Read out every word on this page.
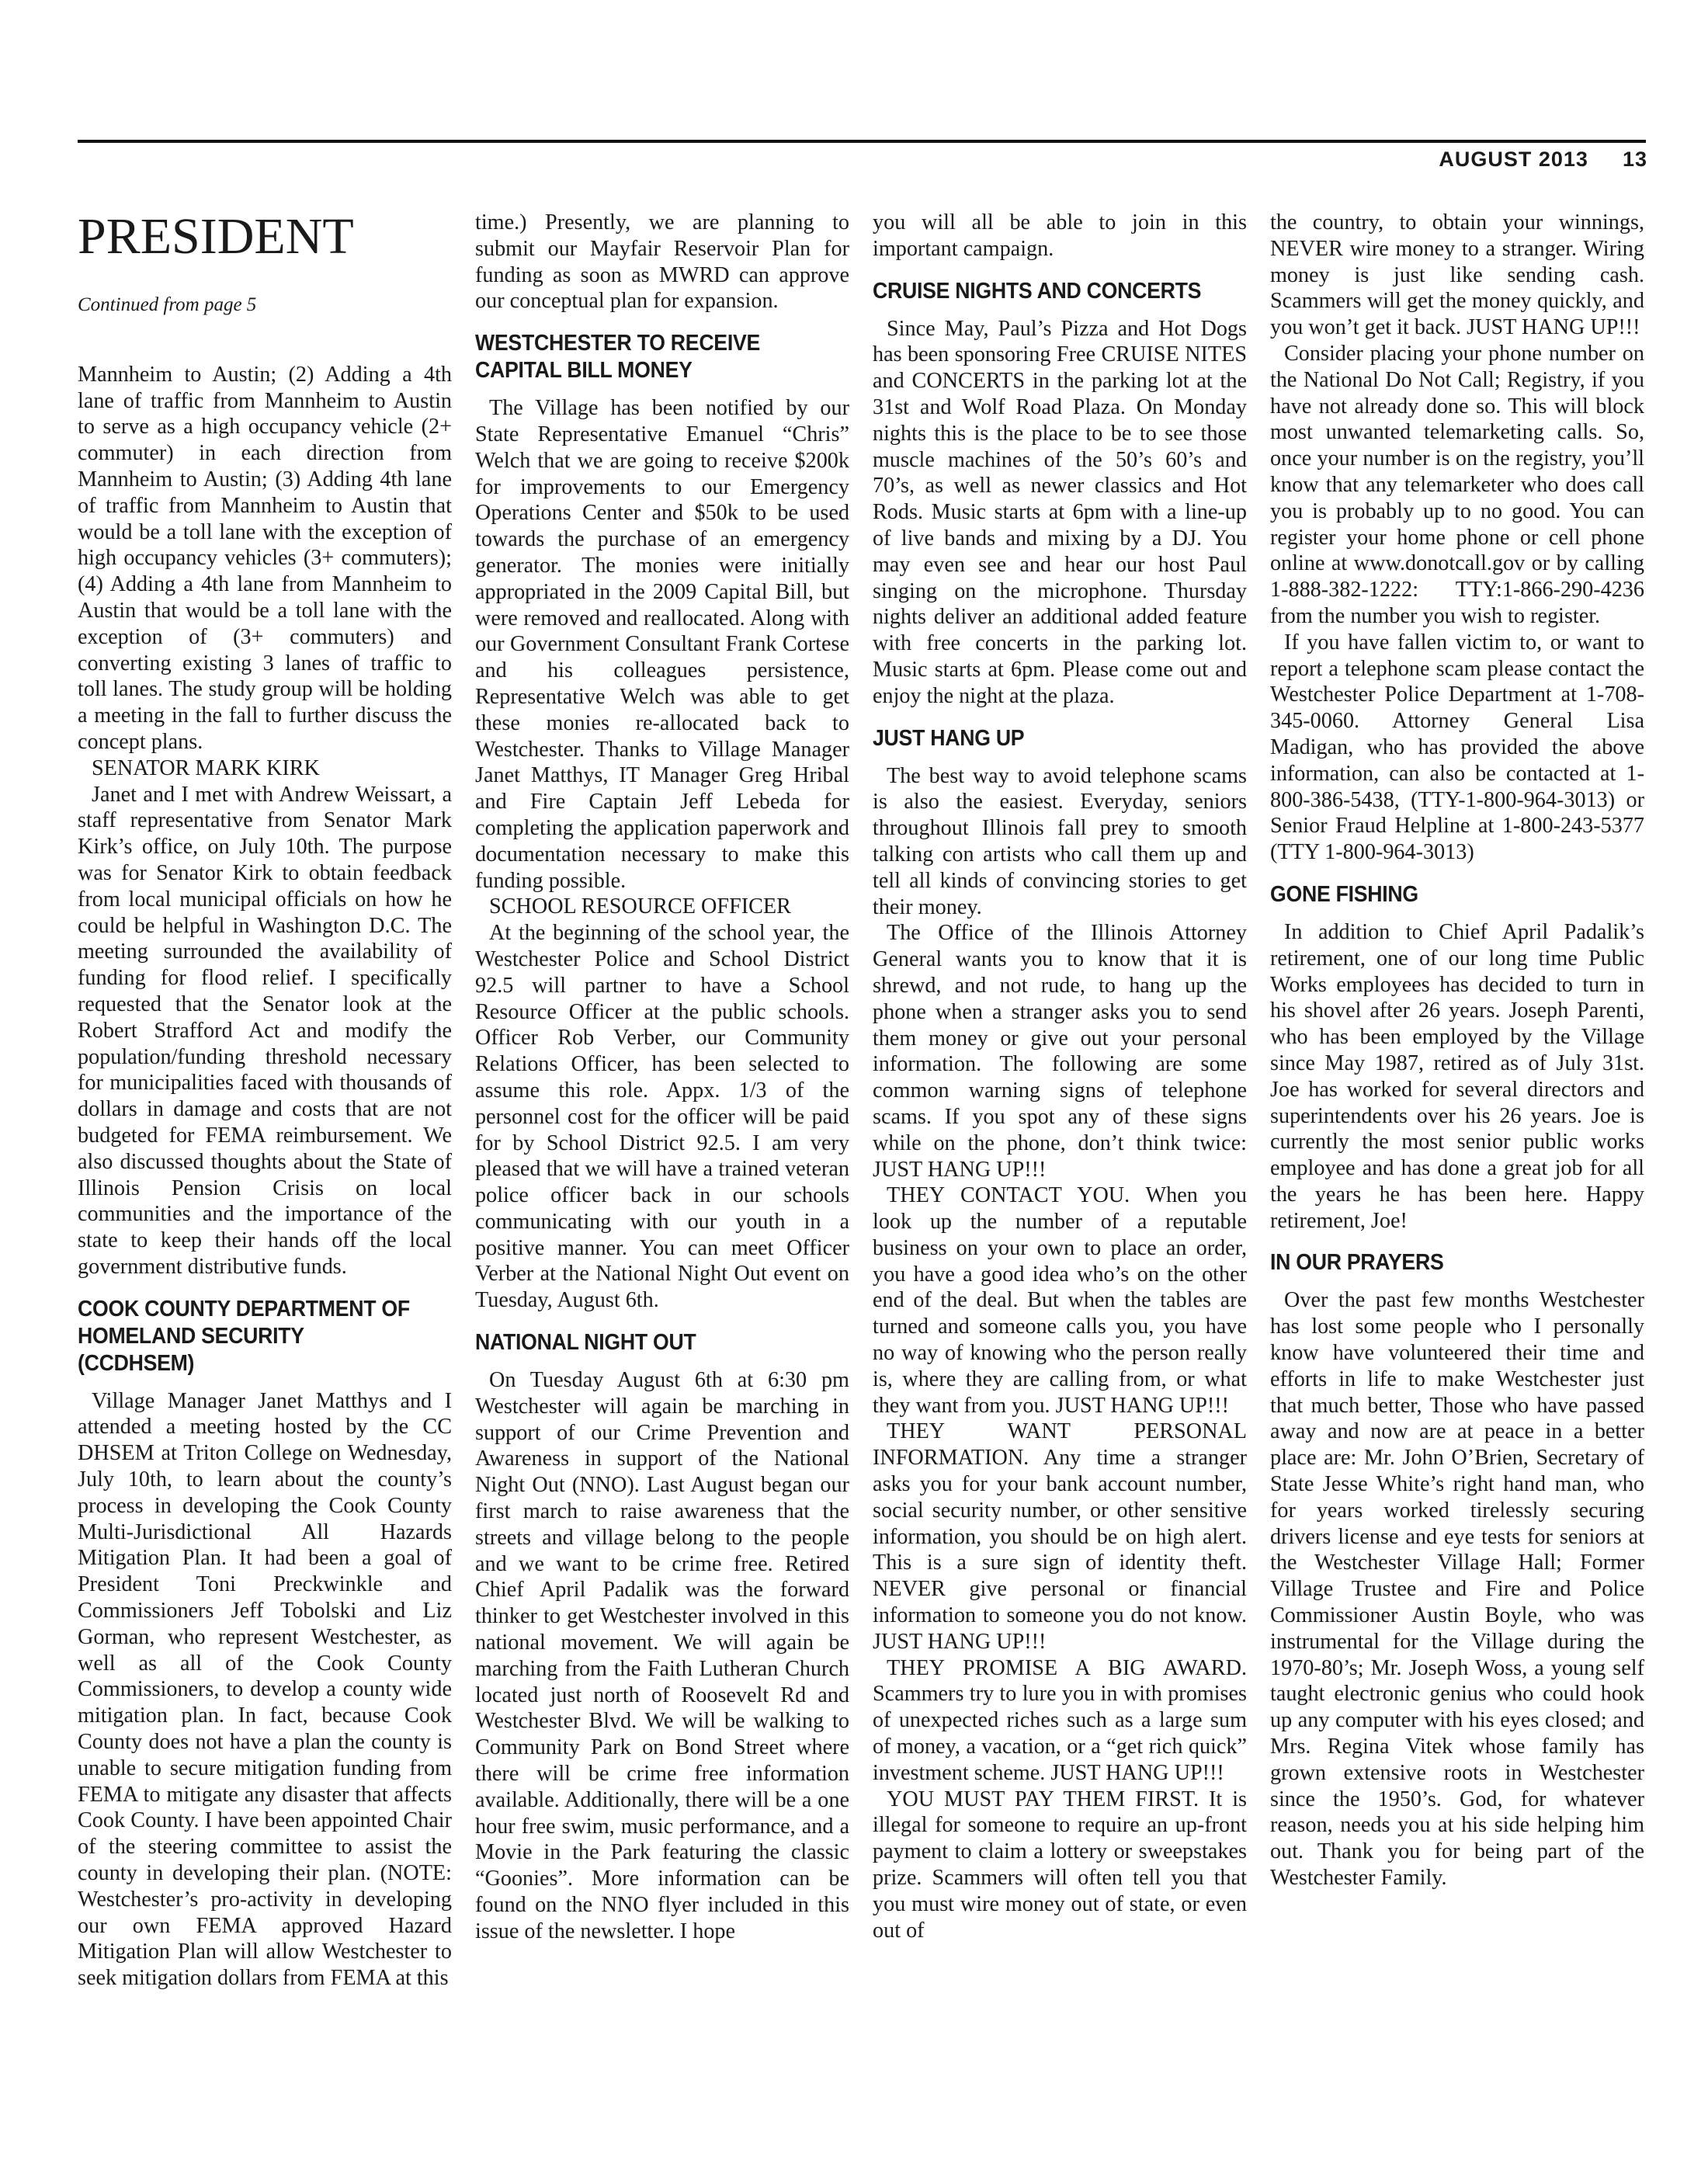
AUGUST 2013 13
PRESIDENT
Continued from page 5

Mannheim to Austin; (2) Adding a 4th lane of traffic from Mannheim to Austin to serve as a high occupancy vehicle (2+ commuter) in each direction from Mannheim to Austin; (3) Adding 4th lane of traffic from Mannheim to Austin that would be a toll lane with the exception of high occupancy vehicles (3+ commuters); (4) Adding a 4th lane from Mannheim to Austin that would be a toll lane with the exception of (3+ commuters) and converting existing 3 lanes of traffic to toll lanes. The study group will be holding a meeting in the fall to further discuss the concept plans.

SENATOR MARK KIRK

Janet and I met with Andrew Weissart, a staff representative from Senator Mark Kirk’s office, on July 10th. The purpose was for Senator Kirk to obtain feedback from local municipal officials on how he could be helpful in Washington D.C. The meeting surrounded the availability of funding for flood relief. I specifically requested that the Senator look at the Robert Strafford Act and modify the population/funding threshold necessary for municipalities faced with thousands of dollars in damage and costs that are not budgeted for FEMA reimbursement. We also discussed thoughts about the State of Illinois Pension Crisis on local communities and the importance of the state to keep their hands off the local government distributive funds.

COOK COUNTY DEPARTMENT OF HOMELAND SECURITY (CCDHSEM)

Village Manager Janet Matthys and I attended a meeting hosted by the CC DHSEM at Triton College on Wednesday, July 10th, to learn about the county’s process in developing the Cook County Multi-Jurisdictional All Hazards Mitigation Plan. It had been a goal of President Toni Preckwinkle and Commissioners Jeff Tobolski and Liz Gorman, who represent Westchester, as well as all of the Cook County Commissioners, to develop a county wide mitigation plan. In fact, because Cook County does not have a plan the county is unable to secure mitigation funding from FEMA to mitigate any disaster that affects Cook County. I have been appointed Chair of the steering committee to assist the county in developing their plan. (NOTE: Westchester’s pro-activity in developing our own FEMA approved Hazard Mitigation Plan will allow Westchester to seek mitigation dollars from FEMA at this

time.) Presently, we are planning to submit our Mayfair Reservoir Plan for funding as soon as MWRD can approve our conceptual plan for expansion.

WESTCHESTER TO RECEIVE CAPITAL BILL MONEY

The Village has been notified by our State Representative Emanuel “Chris” Welch that we are going to receive $200k for improvements to our Emergency Operations Center and $50k to be used towards the purchase of an emergency generator. The monies were initially appropriated in the 2009 Capital Bill, but were removed and reallocated. Along with our Government Consultant Frank Cortese and his colleagues persistence, Representative Welch was able to get these monies re-allocated back to Westchester. Thanks to Village Manager Janet Matthys, IT Manager Greg Hribal and Fire Captain Jeff Lebeda for completing the application paperwork and documentation necessary to make this funding possible.

SCHOOL RESOURCE OFFICER

At the beginning of the school year, the Westchester Police and School District 92.5 will partner to have a School Resource Officer at the public schools. Officer Rob Verber, our Community Relations Officer, has been selected to assume this role. Appx. 1/3 of the personnel cost for the officer will be paid for by School District 92.5. I am very pleased that we will have a trained veteran police officer back in our schools communicating with our youth in a positive manner. You can meet Officer Verber at the National Night Out event on Tuesday, August 6th.

NATIONAL NIGHT OUT

On Tuesday August 6th at 6:30 pm Westchester will again be marching in support of our Crime Prevention and Awareness in support of the National Night Out (NNO). Last August began our first march to raise awareness that the streets and village belong to the people and we want to be crime free. Retired Chief April Padalik was the forward thinker to get Westchester involved in this national movement. We will again be marching from the Faith Lutheran Church located just north of Roosevelt Rd and Westchester Blvd. We will be walking to Community Park on Bond Street where there will be crime free information available. Additionally, there will be a one hour free swim, music performance, and a Movie in the Park featuring the classic “Goonies”. More information can be found on the NNO flyer included in this issue of the newsletter. I hope

you will all be able to join in this important campaign.

CRUISE NIGHTS AND CONCERTS

Since May, Paul’s Pizza and Hot Dogs has been sponsoring Free CRUISE NITES and CONCERTS in the parking lot at the 31st and Wolf Road Plaza. On Monday nights this is the place to be to see those muscle machines of the 50’s 60’s and 70’s, as well as newer classics and Hot Rods. Music starts at 6pm with a line-up of live bands and mixing by a DJ. You may even see and hear our host Paul singing on the microphone. Thursday nights deliver an additional added feature with free concerts in the parking lot. Music starts at 6pm. Please come out and enjoy the night at the plaza.

JUST HANG UP

The best way to avoid telephone scams is also the easiest. Everyday, seniors throughout Illinois fall prey to smooth talking con artists who call them up and tell all kinds of convincing stories to get their money.

The Office of the Illinois Attorney General wants you to know that it is shrewd, and not rude, to hang up the phone when a stranger asks you to send them money or give out your personal information. The following are some common warning signs of telephone scams. If you spot any of these signs while on the phone, don’t think twice: JUST HANG UP!!!

THEY CONTACT YOU. When you look up the number of a reputable business on your own to place an order, you have a good idea who’s on the other end of the deal. But when the tables are turned and someone calls you, you have no way of knowing who the person really is, where they are calling from, or what they want from you. JUST HANG UP!!!

THEY WANT PERSONAL INFORMATION. Any time a stranger asks you for your bank account number, social security number, or other sensitive information, you should be on high alert. This is a sure sign of identity theft. NEVER give personal or financial information to someone you do not know. JUST HANG UP!!!

THEY PROMISE A BIG AWARD. Scammers try to lure you in with promises of unexpected riches such as a large sum of money, a vacation, or a “get rich quick” investment scheme. JUST HANG UP!!!

YOU MUST PAY THEM FIRST. It is illegal for someone to require an up-front payment to claim a lottery or sweepstakes prize. Scammers will often tell you that you must wire money out of state, or even out of

the country, to obtain your winnings, NEVER wire money to a stranger. Wiring money is just like sending cash. Scammers will get the money quickly, and you won’t get it back. JUST HANG UP!!!

Consider placing your phone number on the National Do Not Call; Registry, if you have not already done so. This will block most unwanted telemarketing calls. So, once your number is on the registry, you’ll know that any telemarketer who does call you is probably up to no good. You can register your home phone or cell phone online at www.donotcall.gov or by calling 1-888-382-1222: TTY:1-866-290-4236 from the number you wish to register.

If you have fallen victim to, or want to report a telephone scam please contact the Westchester Police Department at 1-708-345-0060. Attorney General Lisa Madigan, who has provided the above information, can also be contacted at 1-800-386-5438, (TTY-1-800-964-3013) or Senior Fraud Helpline at 1-800-243-5377 (TTY 1-800-964-3013)

GONE FISHING

In addition to Chief April Padalik’s retirement, one of our long time Public Works employees has decided to turn in his shovel after 26 years. Joseph Parenti, who has been employed by the Village since May 1987, retired as of July 31st. Joe has worked for several directors and superintendents over his 26 years. Joe is currently the most senior public works employee and has done a great job for all the years he has been here. Happy retirement, Joe!

IN OUR PRAYERS

Over the past few months Westchester has lost some people who I personally know have volunteered their time and efforts in life to make Westchester just that much better, Those who have passed away and now are at peace in a better place are: Mr. John O’Brien, Secretary of State Jesse White’s right hand man, who for years worked tirelessly securing drivers license and eye tests for seniors at the Westchester Village Hall; Former Village Trustee and Fire and Police Commissioner Austin Boyle, who was instrumental for the Village during the 1970-80’s; Mr. Joseph Woss, a young self taught electronic genius who could hook up any computer with his eyes closed; and Mrs. Regina Vitek whose family has grown extensive roots in Westchester since the 1950’s. God, for whatever reason, needs you at his side helping him out. Thank you for being part of the Westchester Family.
